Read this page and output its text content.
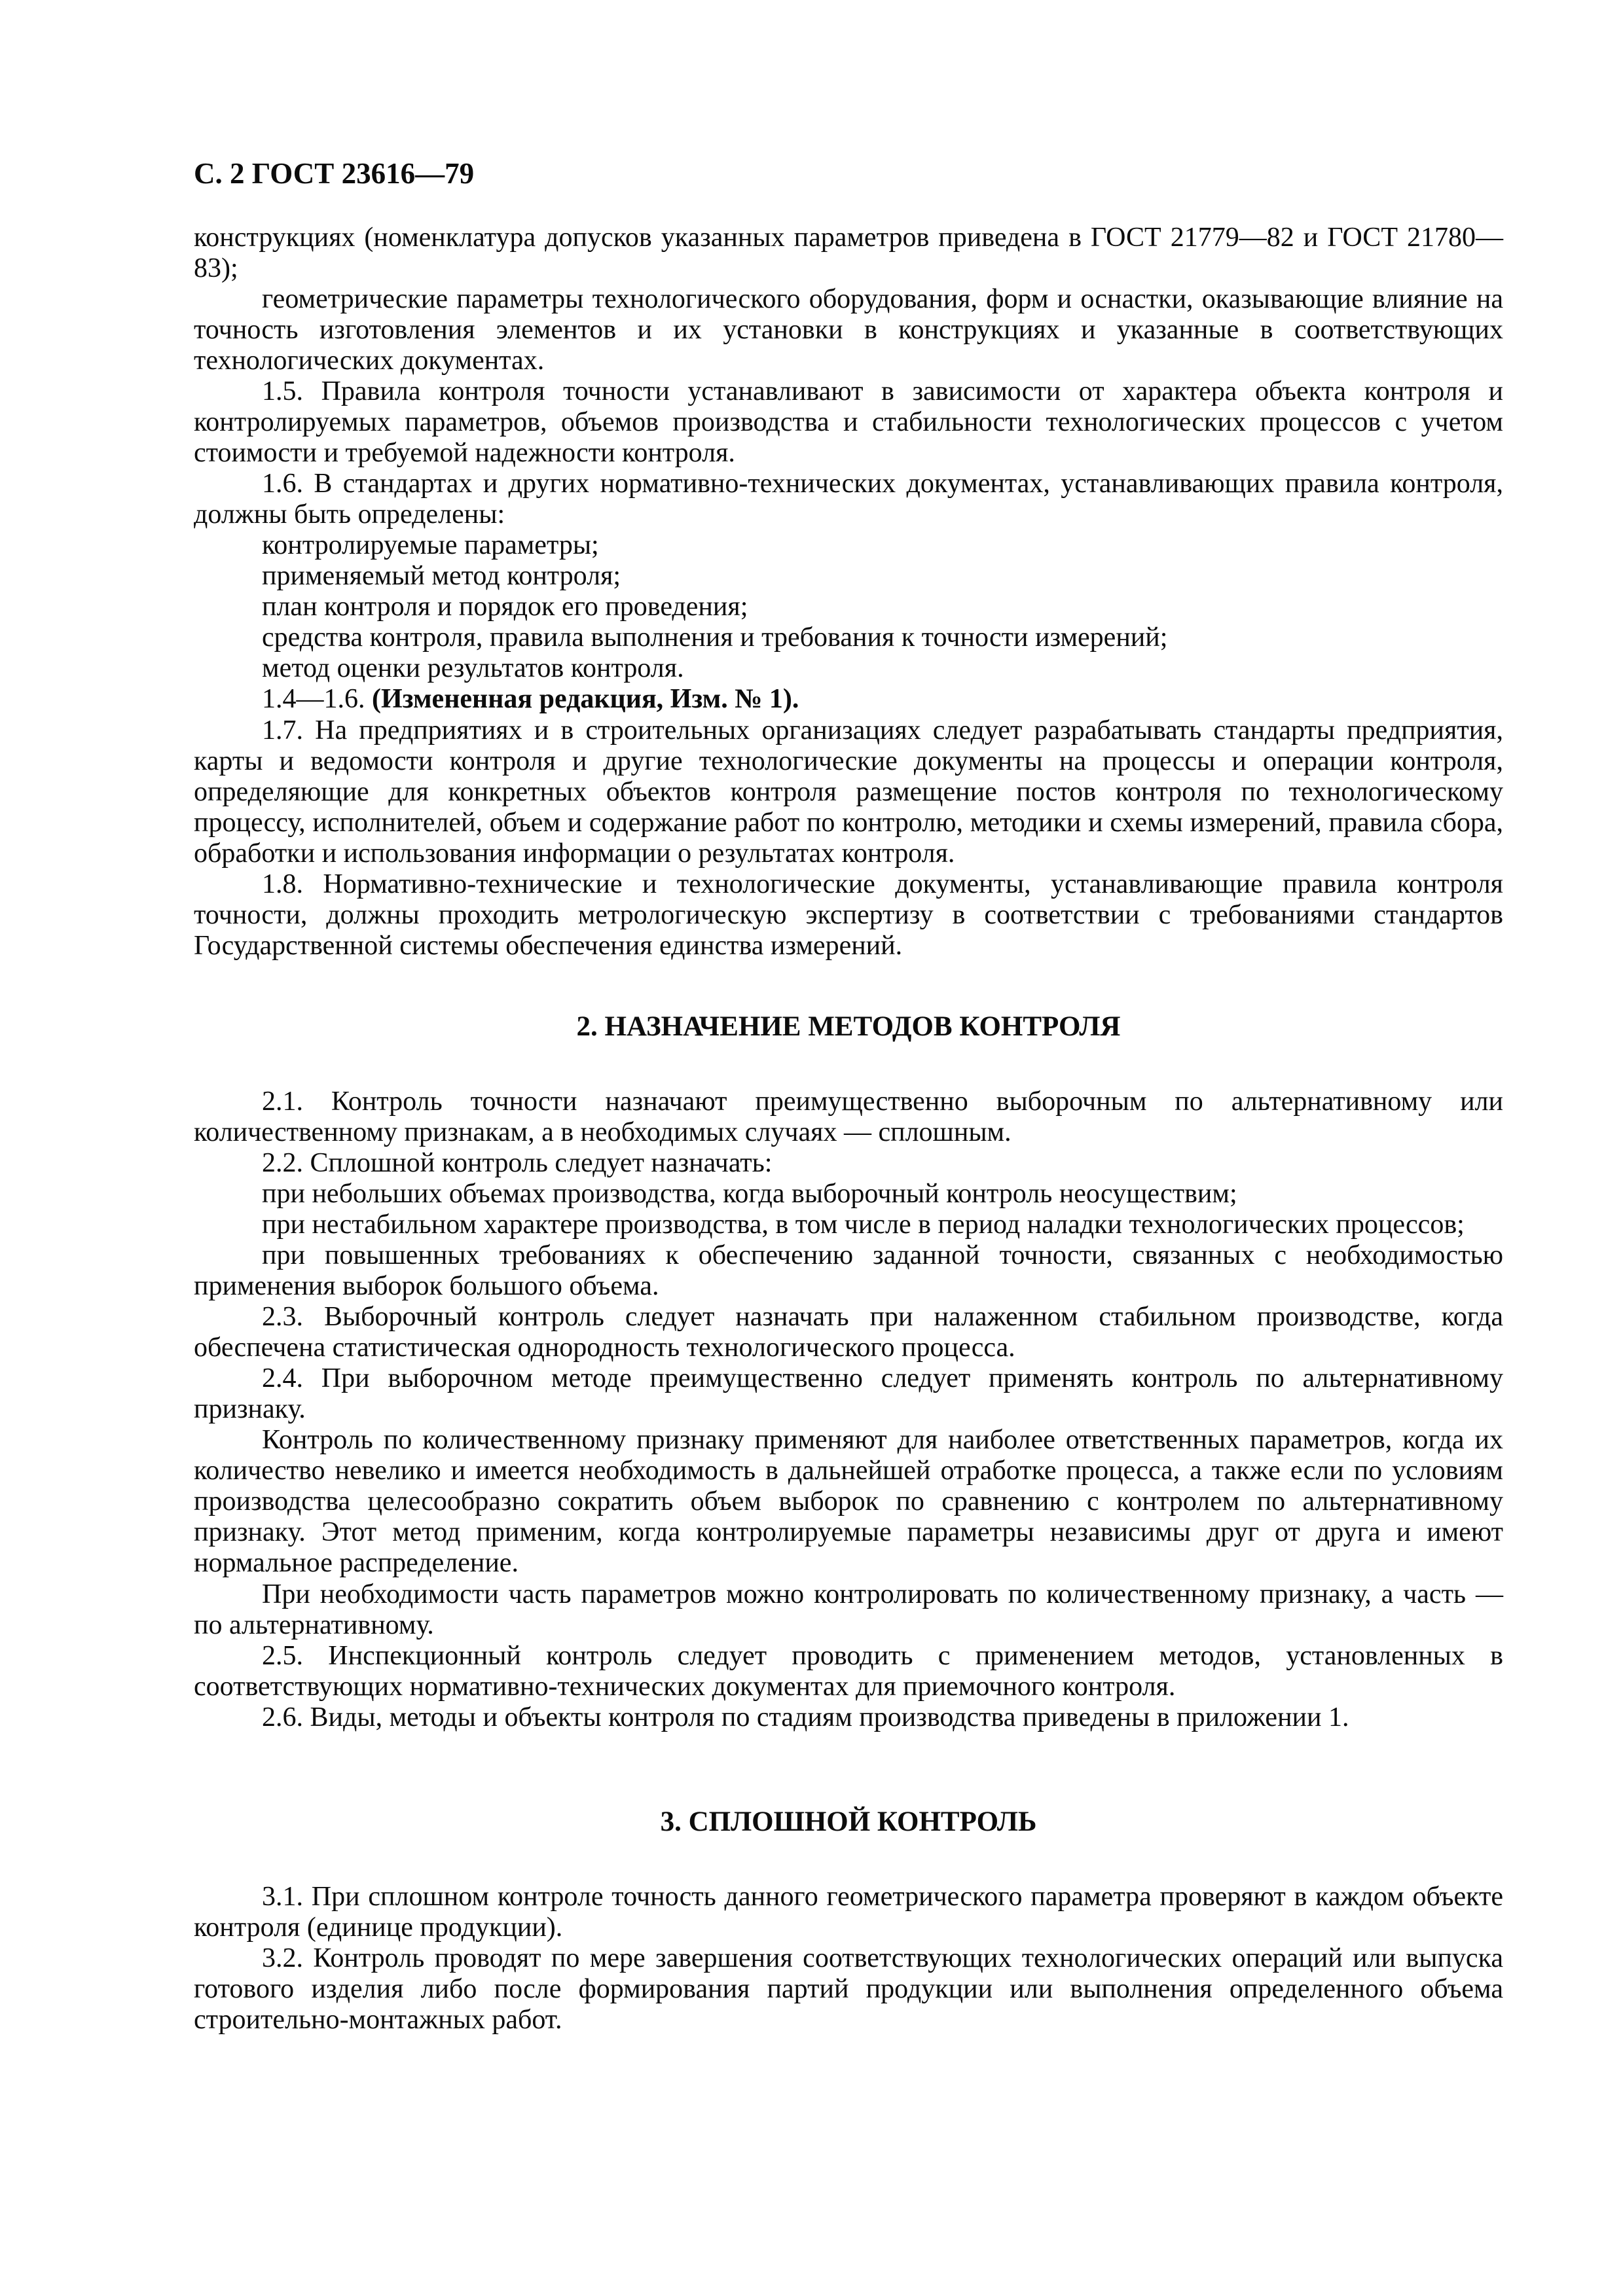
С. 2 ГОСТ 23616—79

конструкциях (номенклатура допусков указанных параметров приведена в ГОСТ 21779—82 и ГОСТ 21780—83);

геометрические параметры технологического оборудования, форм и оснастки, оказывающие влияние на точность изготовления элементов и их установки в конструкциях и указанные в соответствующих технологических документах.

1.5. Правила контроля точности устанавливают в зависимости от характера объекта контроля и контролируемых параметров, объемов производства и стабильности технологических процессов с учетом стоимости и требуемой надежности контроля.

1.6. В стандартах и других нормативно-технических документах, устанавливающих правила контроля, должны быть определены:

контролируемые параметры;

применяемый метод контроля;

план контроля и порядок его проведения;

средства контроля, правила выполнения и требования к точности измерений;

метод оценки результатов контроля.

1.4—1.6. (Измененная редакция, Изм. № 1).

1.7. На предприятиях и в строительных организациях следует разрабатывать стандарты предприятия, карты и ведомости контроля и другие технологические документы на процессы и операции контроля, определяющие для конкретных объектов контроля размещение постов контроля по технологическому процессу, исполнителей, объем и содержание работ по контролю, методики и схемы измерений, правила сбора, обработки и использования информации о результатах контроля.

1.8. Нормативно-технические и технологические документы, устанавливающие правила контроля точности, должны проходить метрологическую экспертизу в соответствии с требованиями стандартов Государственной системы обеспечения единства измерений.

2. НАЗНАЧЕНИЕ МЕТОДОВ КОНТРОЛЯ

2.1. Контроль точности назначают преимущественно выборочным по альтернативному или количественному признакам, а в необходимых случаях — сплошным.

2.2. Сплошной контроль следует назначать:

при небольших объемах производства, когда выборочный контроль неосуществим;

при нестабильном характере производства, в том числе в период наладки технологических процессов;

при повышенных требованиях к обеспечению заданной точности, связанных с необходимостью применения выборок большого объема.

2.3. Выборочный контроль следует назначать при налаженном стабильном производстве, когда обеспечена статистическая однородность технологического процесса.

2.4. При выборочном методе преимущественно следует применять контроль по альтернативному признаку.

Контроль по количественному признаку применяют для наиболее ответственных параметров, когда их количество невелико и имеется необходимость в дальнейшей отработке процесса, а также если по условиям производства целесообразно сократить объем выборок по сравнению с контролем по альтернативному признаку. Этот метод применим, когда контролируемые параметры независимы друг от друга и имеют нормальное распределение.

При необходимости часть параметров можно контролировать по количественному признаку, а часть — по альтернативному.

2.5. Инспекционный контроль следует проводить с применением методов, установленных в соответствующих нормативно-технических документах для приемочного контроля.

2.6. Виды, методы и объекты контроля по стадиям производства приведены в приложении 1.

3. СПЛОШНОЙ КОНТРОЛЬ

3.1. При сплошном контроле точность данного геометрического параметра проверяют в каждом объекте контроля (единице продукции).

3.2. Контроль проводят по мере завершения соответствующих технологических операций или выпуска готового изделия либо после формирования партий продукции или выполнения определенного объема строительно-монтажных работ.
